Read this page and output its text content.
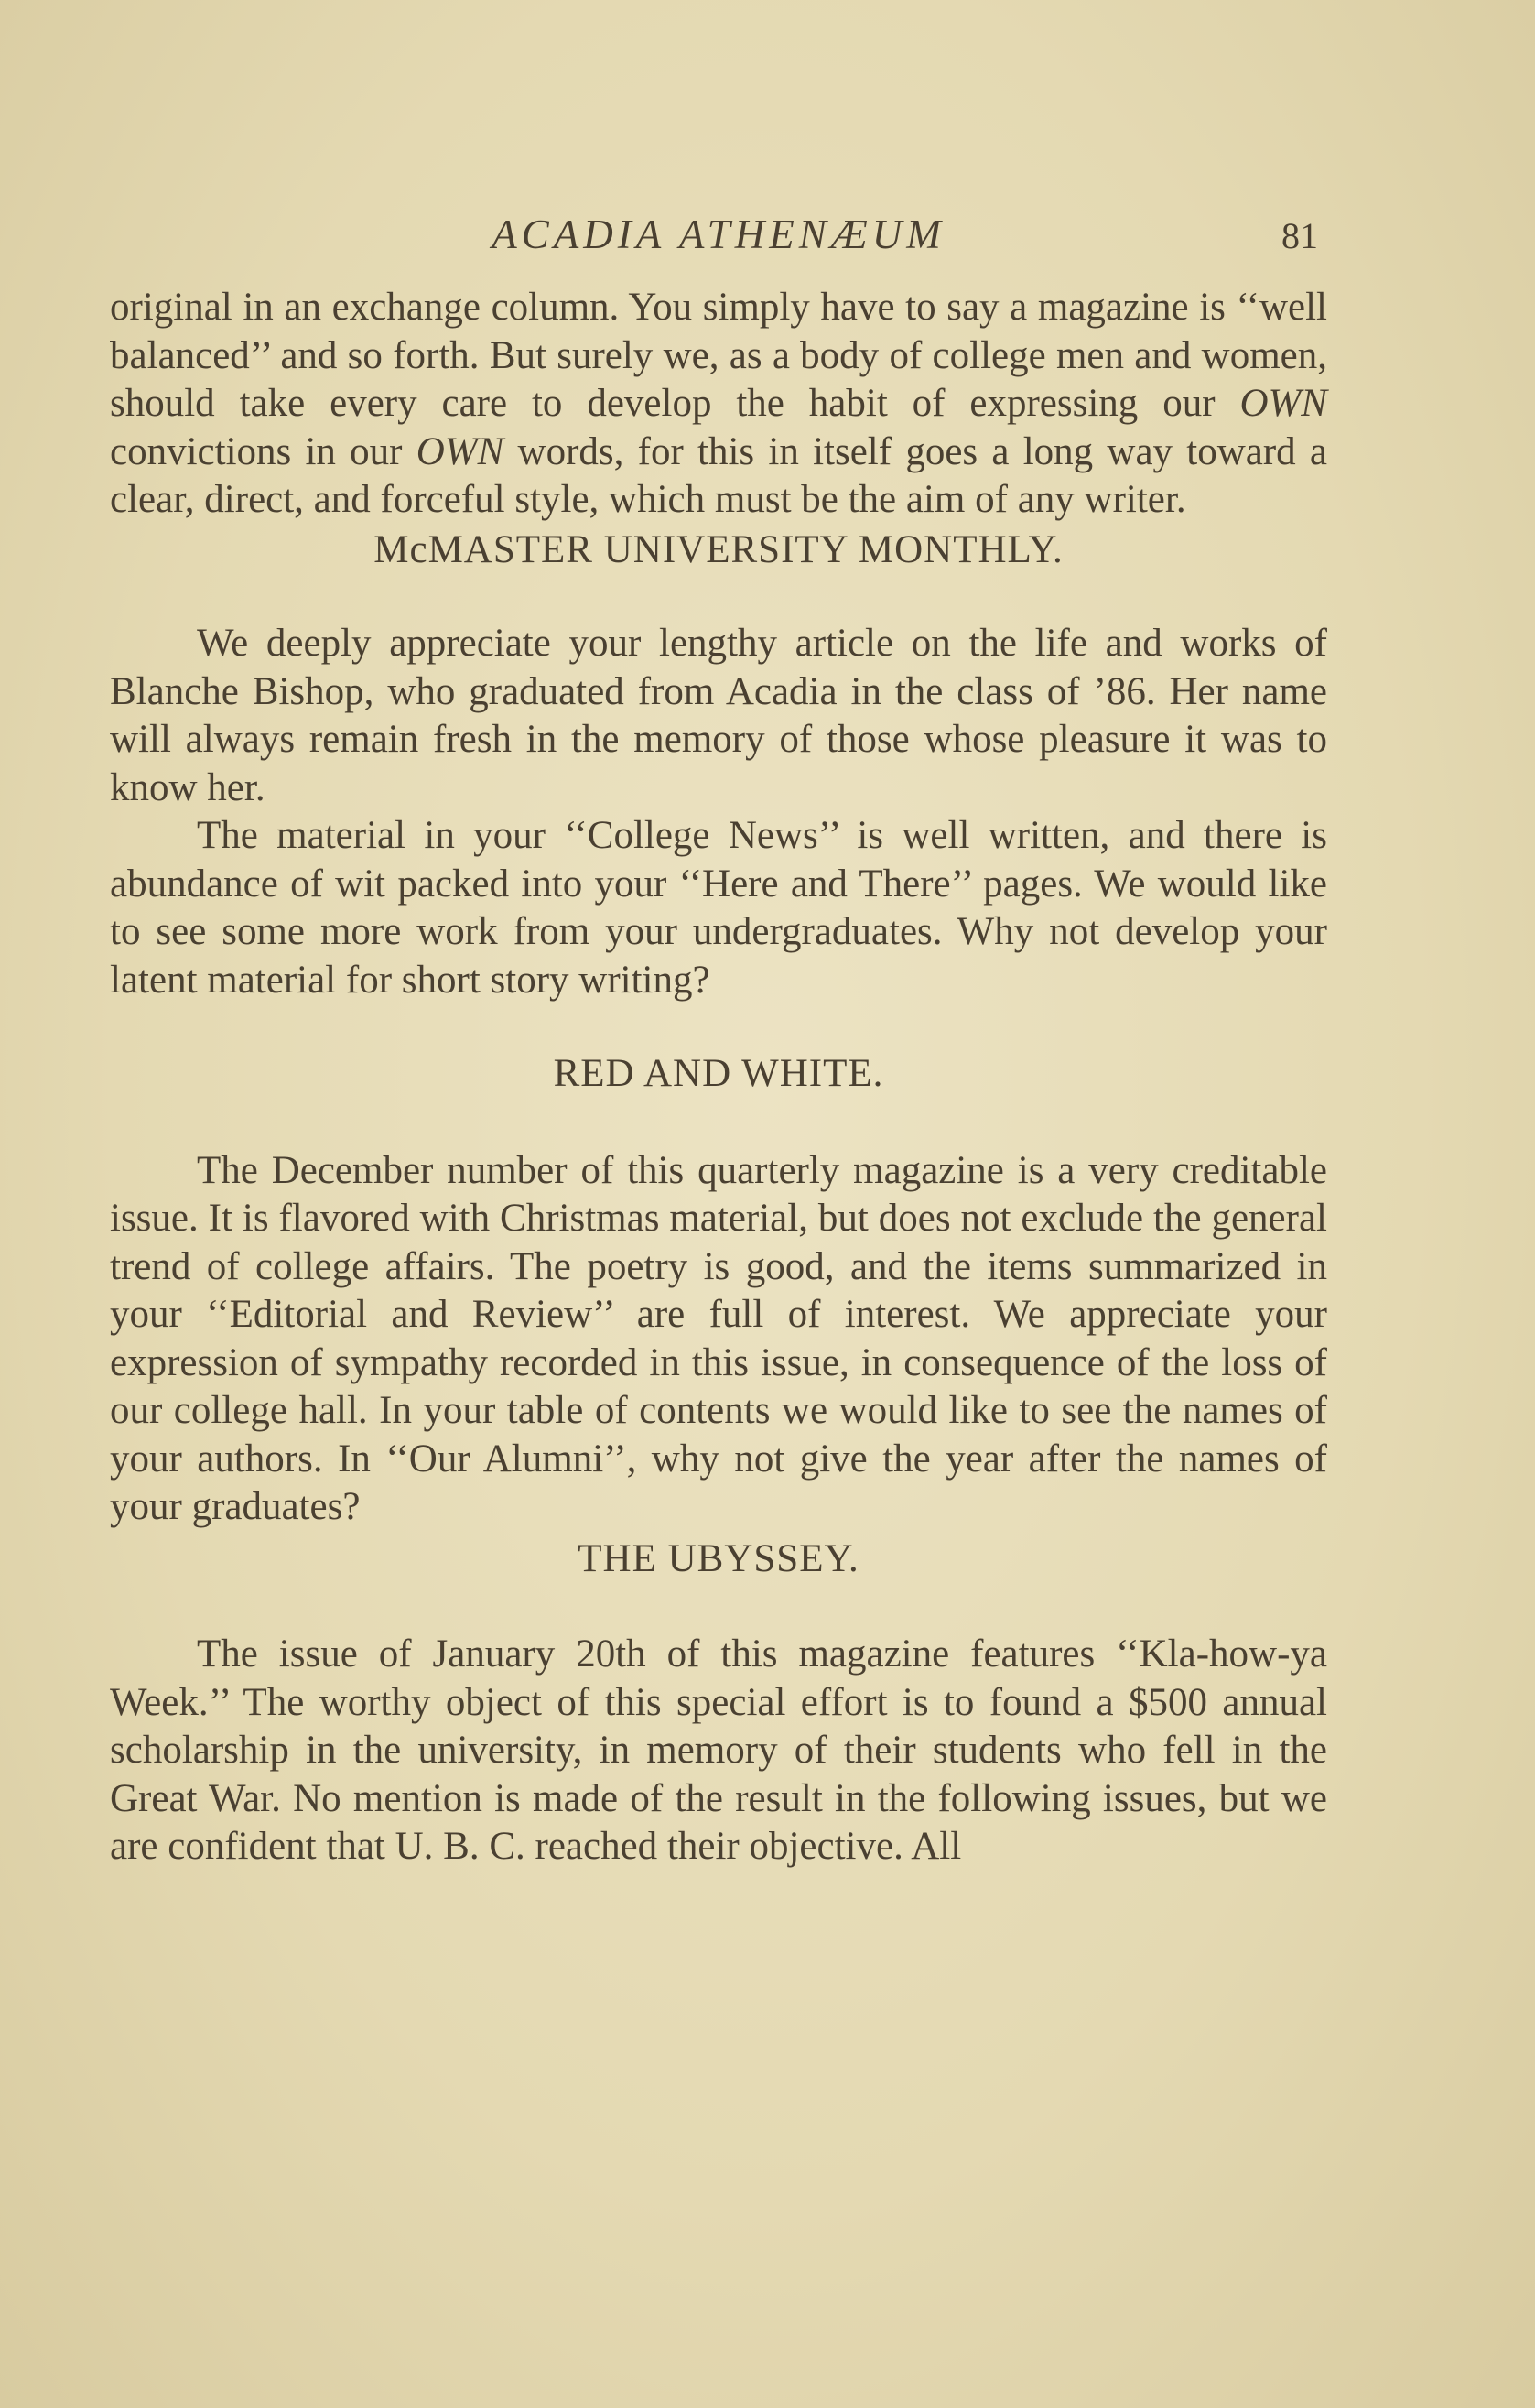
ACADIA ATHENÆUM	81

original in an exchange column. You simply have to say a magazine is ‘‘well balanced’’ and so forth. But surely we, as a body of college men and women, should take every care to develop the habit of expressing our OWN convictions in our OWN words, for this in itself goes a long way toward a clear, direct, and forceful style, which must be the aim of any writer.

McMASTER UNIVERSITY MONTHLY.

We deeply appreciate your lengthy article on the life and works of Blanche Bishop, who graduated from Acadia in the class of ’86. Her name will always remain fresh in the memory of those whose pleasure it was to know her.

The material in your ‘‘College News’’ is well written, and there is abundance of wit packed into your ‘‘Here and There’’ pages. We would like to see some more work from your undergraduates. Why not develop your latent material for short story writing?

RED AND WHITE.

The December number of this quarterly magazine is a very creditable issue. It is flavored with Christmas material, but does not exclude the general trend of college affairs. The poetry is good, and the items summarized in your ‘‘Editorial and Review’’ are full of interest. We appreciate your expression of sympathy recorded in this issue, in consequence of the loss of our college hall. In your table of contents we would like to see the names of your authors. In ‘‘Our Alumni’’, why not give the year after the names of your graduates?

THE UBYSSEY.

The issue of January 20th of this magazine features ‘‘Kla-how-ya Week.’’ The worthy object of this special effort is to found a $500 annual scholarship in the university, in memory of their students who fell in the Great War. No mention is made of the result in the following issues, but we are confident that U. B. C. reached their objective. All
